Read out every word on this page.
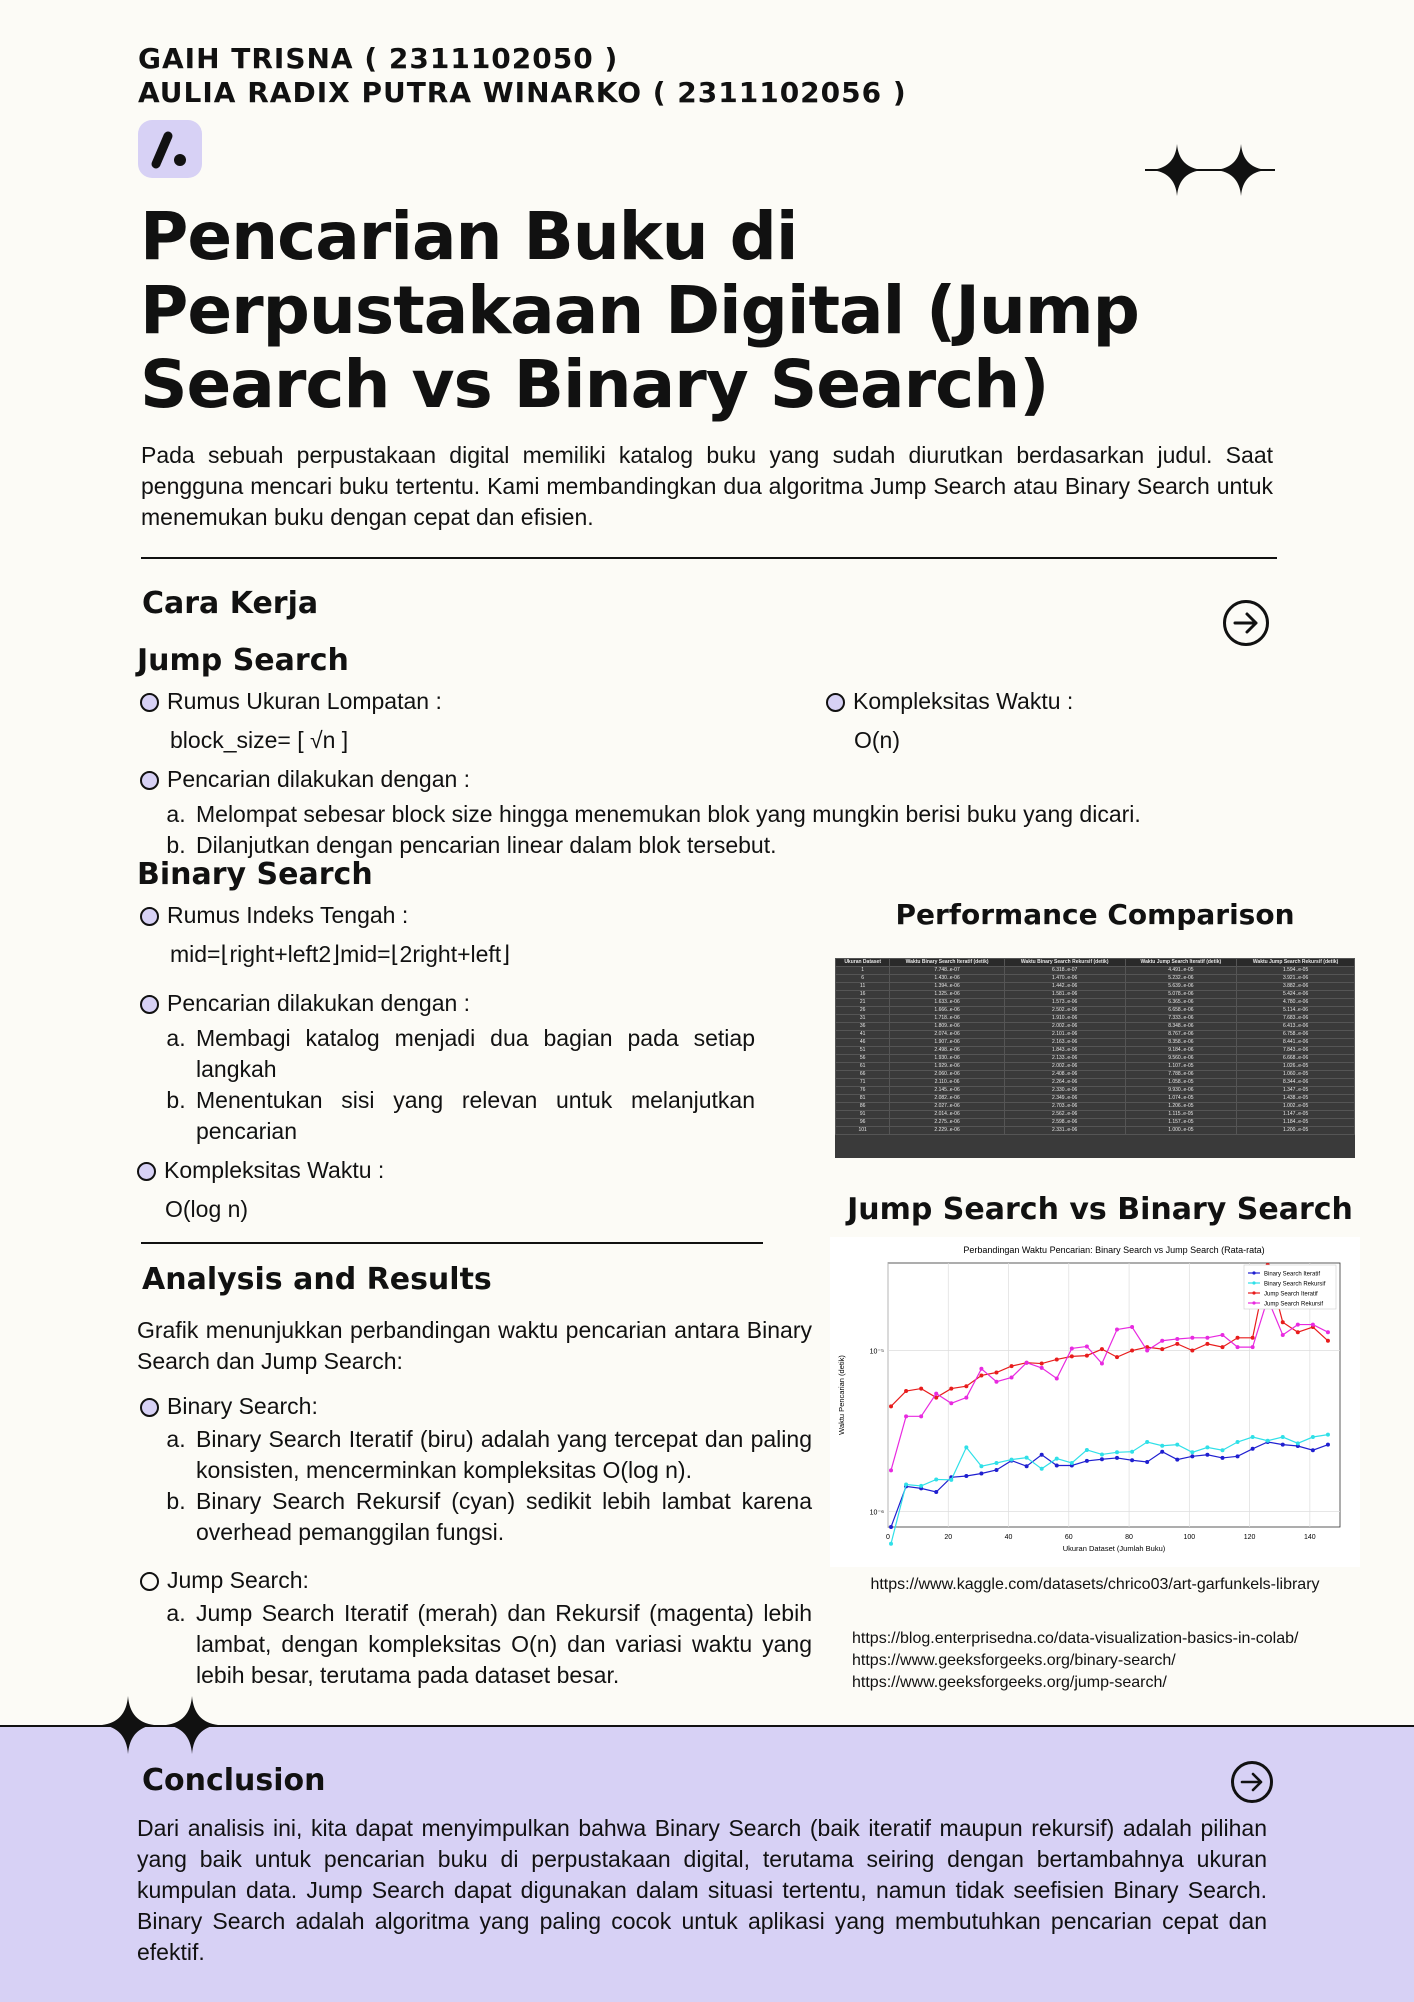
GAIH TRISNA ( 2311102050 )
AULIA RADIX PUTRA WINARKO ( 2311102056 )
Pencarian Buku di
Perpustakaan Digital (Jump
Search vs Binary Search)
Pada sebuah perpustakaan digital memiliki katalog buku yang sudah diurutkan berdasarkan judul. Saat pengguna mencari buku tertentu. Kami membandingkan dua algoritma Jump Search atau Binary Search untuk menemukan buku dengan cepat dan efisien.
Cara Kerja
Jump Search
Rumus Ukuran Lompatan :
block_size= [ √n ]
Kompleksitas Waktu :
O(n)
Pencarian dilakukan dengan :
a. Melompat sebesar block size hingga menemukan blok yang mungkin berisi buku yang dicari.
b. Dilanjutkan dengan pencarian linear dalam blok tersebut.
Binary Search
Rumus Indeks Tengah :
mid=⌊right+left2⌋mid=⌊2right+left⌋
Pencarian dilakukan dengan :
a. Membagi katalog menjadi dua bagian pada setiap langkah
b. Menentukan sisi yang relevan untuk melanjutkan pencarian
Kompleksitas Waktu :
O(log n)
Performance Comparison
Ukuran Dataset	Waktu Binary Search Iteratif (detik)	Waktu Binary Search Rekursif (detik)	Waktu Jump Search Iteratif (detik)	Waktu Jump Search Rekursif (detik)
1	7.748..e-07	6.318..e-07	4.491..e-05	1.594..e-05
6	1.430..e-06	1.470..e-06	5.232..e-06	3.921..e-06
11	1.394..e-06	1.442..e-06	5.639..e-06	3.882..e-06
16	1.325..e-06	1.581..e-06	5.078..e-06	5.424..e-06
21	1.633..e-06	1.573..e-06	6.365..e-06	4.780..e-06
26	1.666..e-06	2.502..e-06	6.658..e-06	5.114..e-06
31	1.718..e-06	1.910..e-06	7.333..e-06	7.683..e-06
36	1.809..e-06	2.002..e-06	8.348..e-06	6.413..e-06
41	2.074..e-06	2.101..e-06	8.767..e-06	6.758..e-06
46	1.907..e-06	2.163..e-06	8.358..e-06	8.441..e-06
51	2.498..e-06	1.843..e-06	9.184..e-06	7.843..e-06
56	1.930..e-06	2.133..e-06	9.560..e-06	6.668..e-06
61	1.929..e-06	2.002..e-06	1.107..e-05	1.026..e-05
66	2.060..e-06	2.408..e-06	7.788..e-06	1.060..e-05
71	2.110..e-06	2.264..e-06	1.058..e-05	8.344..e-06
76	2.145..e-06	2.330..e-06	9.930..e-06	1.347..e-05
81	2.082..e-06	2.349..e-06	1.074..e-05	1.438..e-05
86	2.027..e-06	2.703..e-06	1.206..e-05	1.002..e-05
91	2.014..e-06	2.562..e-06	1.115..e-05	1.147..e-05
96	2.275..e-06	2.598..e-06	1.157..e-05	1.184..e-05
101	2.229..e-06	2.331..e-06	1.000..e-05	1.200..e-05
Jump Search vs Binary Search
Perbandingan Waktu Pencarian: Binary Search vs Jump Search (Rata-rata)
0	20	40	60	80	100	120	140
10⁻⁶
10⁻⁵
Ukuran Dataset (Jumlah Buku)
Waktu Pencarian (detik)
Binary Search Iteratif
Binary Search Rekursif
Jump Search Iteratif
Jump Search Rekursif
https://www.kaggle.com/datasets/chrico03/art-garfunkels-library
Analysis and Results
Grafik menunjukkan perbandingan waktu pencarian antara Binary Search dan Jump Search:
Binary Search:
a. Binary Search Iteratif (biru) adalah yang tercepat dan paling konsisten, mencerminkan kompleksitas O(log n).
b. Binary Search Rekursif (cyan) sedikit lebih lambat karena overhead pemanggilan fungsi.
Jump Search:
a. Jump Search Iteratif (merah) dan Rekursif (magenta) lebih lambat, dengan kompleksitas O(n) dan variasi waktu yang lebih besar, terutama pada dataset besar.
https://blog.enterprisedna.co/data-visualization-basics-in-colab/
https://www.geeksforgeeks.org/binary-search/
https://www.geeksforgeeks.org/jump-search/
Conclusion
Dari analisis ini, kita dapat menyimpulkan bahwa Binary Search (baik iteratif maupun rekursif) adalah pilihan yang baik untuk pencarian buku di perpustakaan digital, terutama seiring dengan bertambahnya ukuran kumpulan data. Jump Search dapat digunakan dalam situasi tertentu, namun tidak seefisien Binary Search. Binary Search adalah algoritma yang paling cocok untuk aplikasi yang membutuhkan pencarian cepat dan efektif.
